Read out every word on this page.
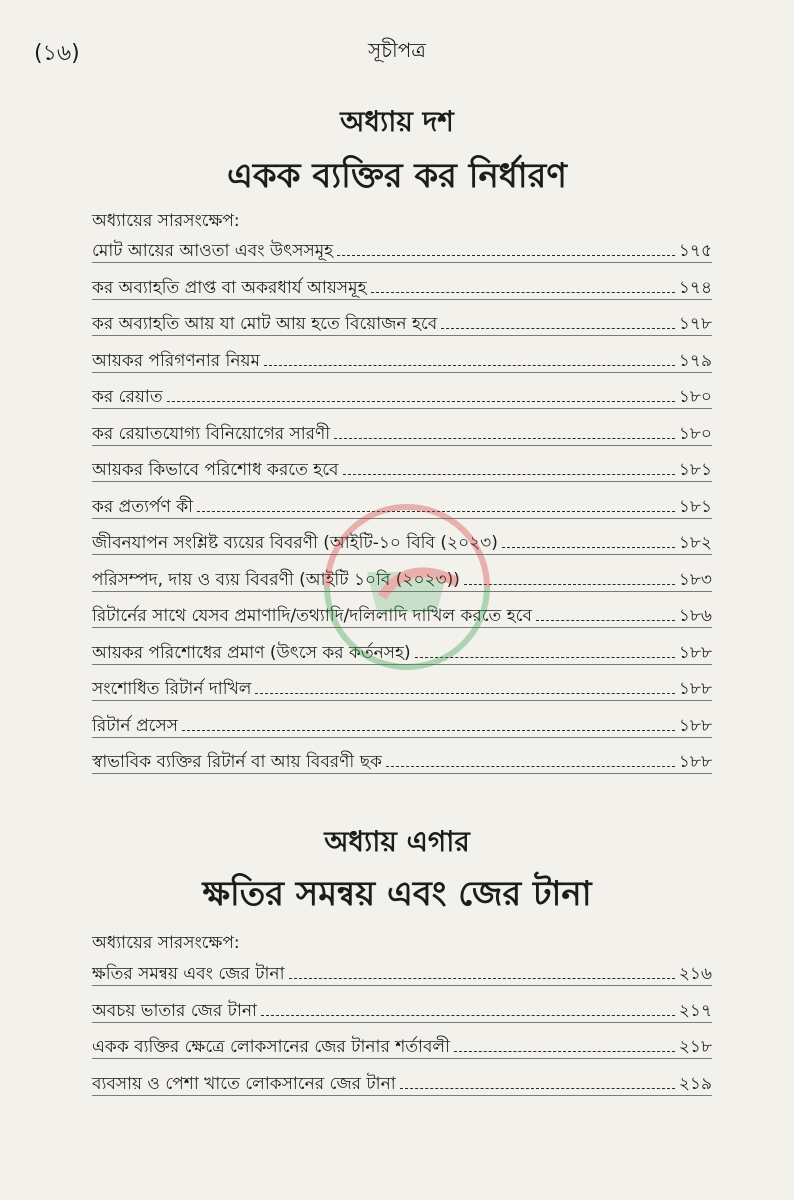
(১৬)	সূচীপত্র
অধ্যায় দশ
একক ব্যক্তির কর নির্ধারণ
অধ্যায়ের সারসংক্ষেপ:
মোট আয়ের আওতা এবং উৎসসমূহ	১৭৫
কর অব্যাহতি প্রাপ্ত বা অকরধার্য আয়সমূহ	১৭৪
কর অব্যাহতি আয় যা মোট আয় হতে বিয়োজন হবে	১৭৮
আয়কর পরিগণনার নিয়ম	১৭৯
কর রেয়াত	১৮০
কর রেয়াতযোগ্য বিনিয়োগের সারণী	১৮০
আয়কর কিভাবে পরিশোধ করতে হবে	১৮১
কর প্রত্যর্পণ কী	১৮১
জীবনযাপন সংশ্লিষ্ট ব্যয়ের বিবরণী (আইটি-১০ বিবি (২০২৩)	১৮২
পরিসম্পদ, দায় ও ব্যয় বিবরণী (আইটি ১০বি (২০২৩))	১৮৩
রিটার্নের সাথে যেসব প্রমাণাদি/তথ্যাদি/দলিলাদি দাখিল করতে হবে	১৮৬
আয়কর পরিশোধের প্রমাণ (উৎসে কর কর্তনসহ)	১৮৮
সংশোধিত রিটার্ন দাখিল	১৮৮
রিটার্ন প্রসেস	১৮৮
স্বাভাবিক ব্যক্তির রিটার্ন বা আয় বিবরণী ছক	১৮৮
অধ্যায় এগার
ক্ষতির সমন্বয় এবং জের টানা
অধ্যায়ের সারসংক্ষেপ:
ক্ষতির সমন্বয় এবং জের টানা	২১৬
অবচয় ভাতার জের টানা	২১৭
একক ব্যক্তির ক্ষেত্রে লোকসানের জের টানার শর্তাবলী	২১৮
ব্যবসায় ও পেশা খাতে লোকসানের জের টানা	২১৯
